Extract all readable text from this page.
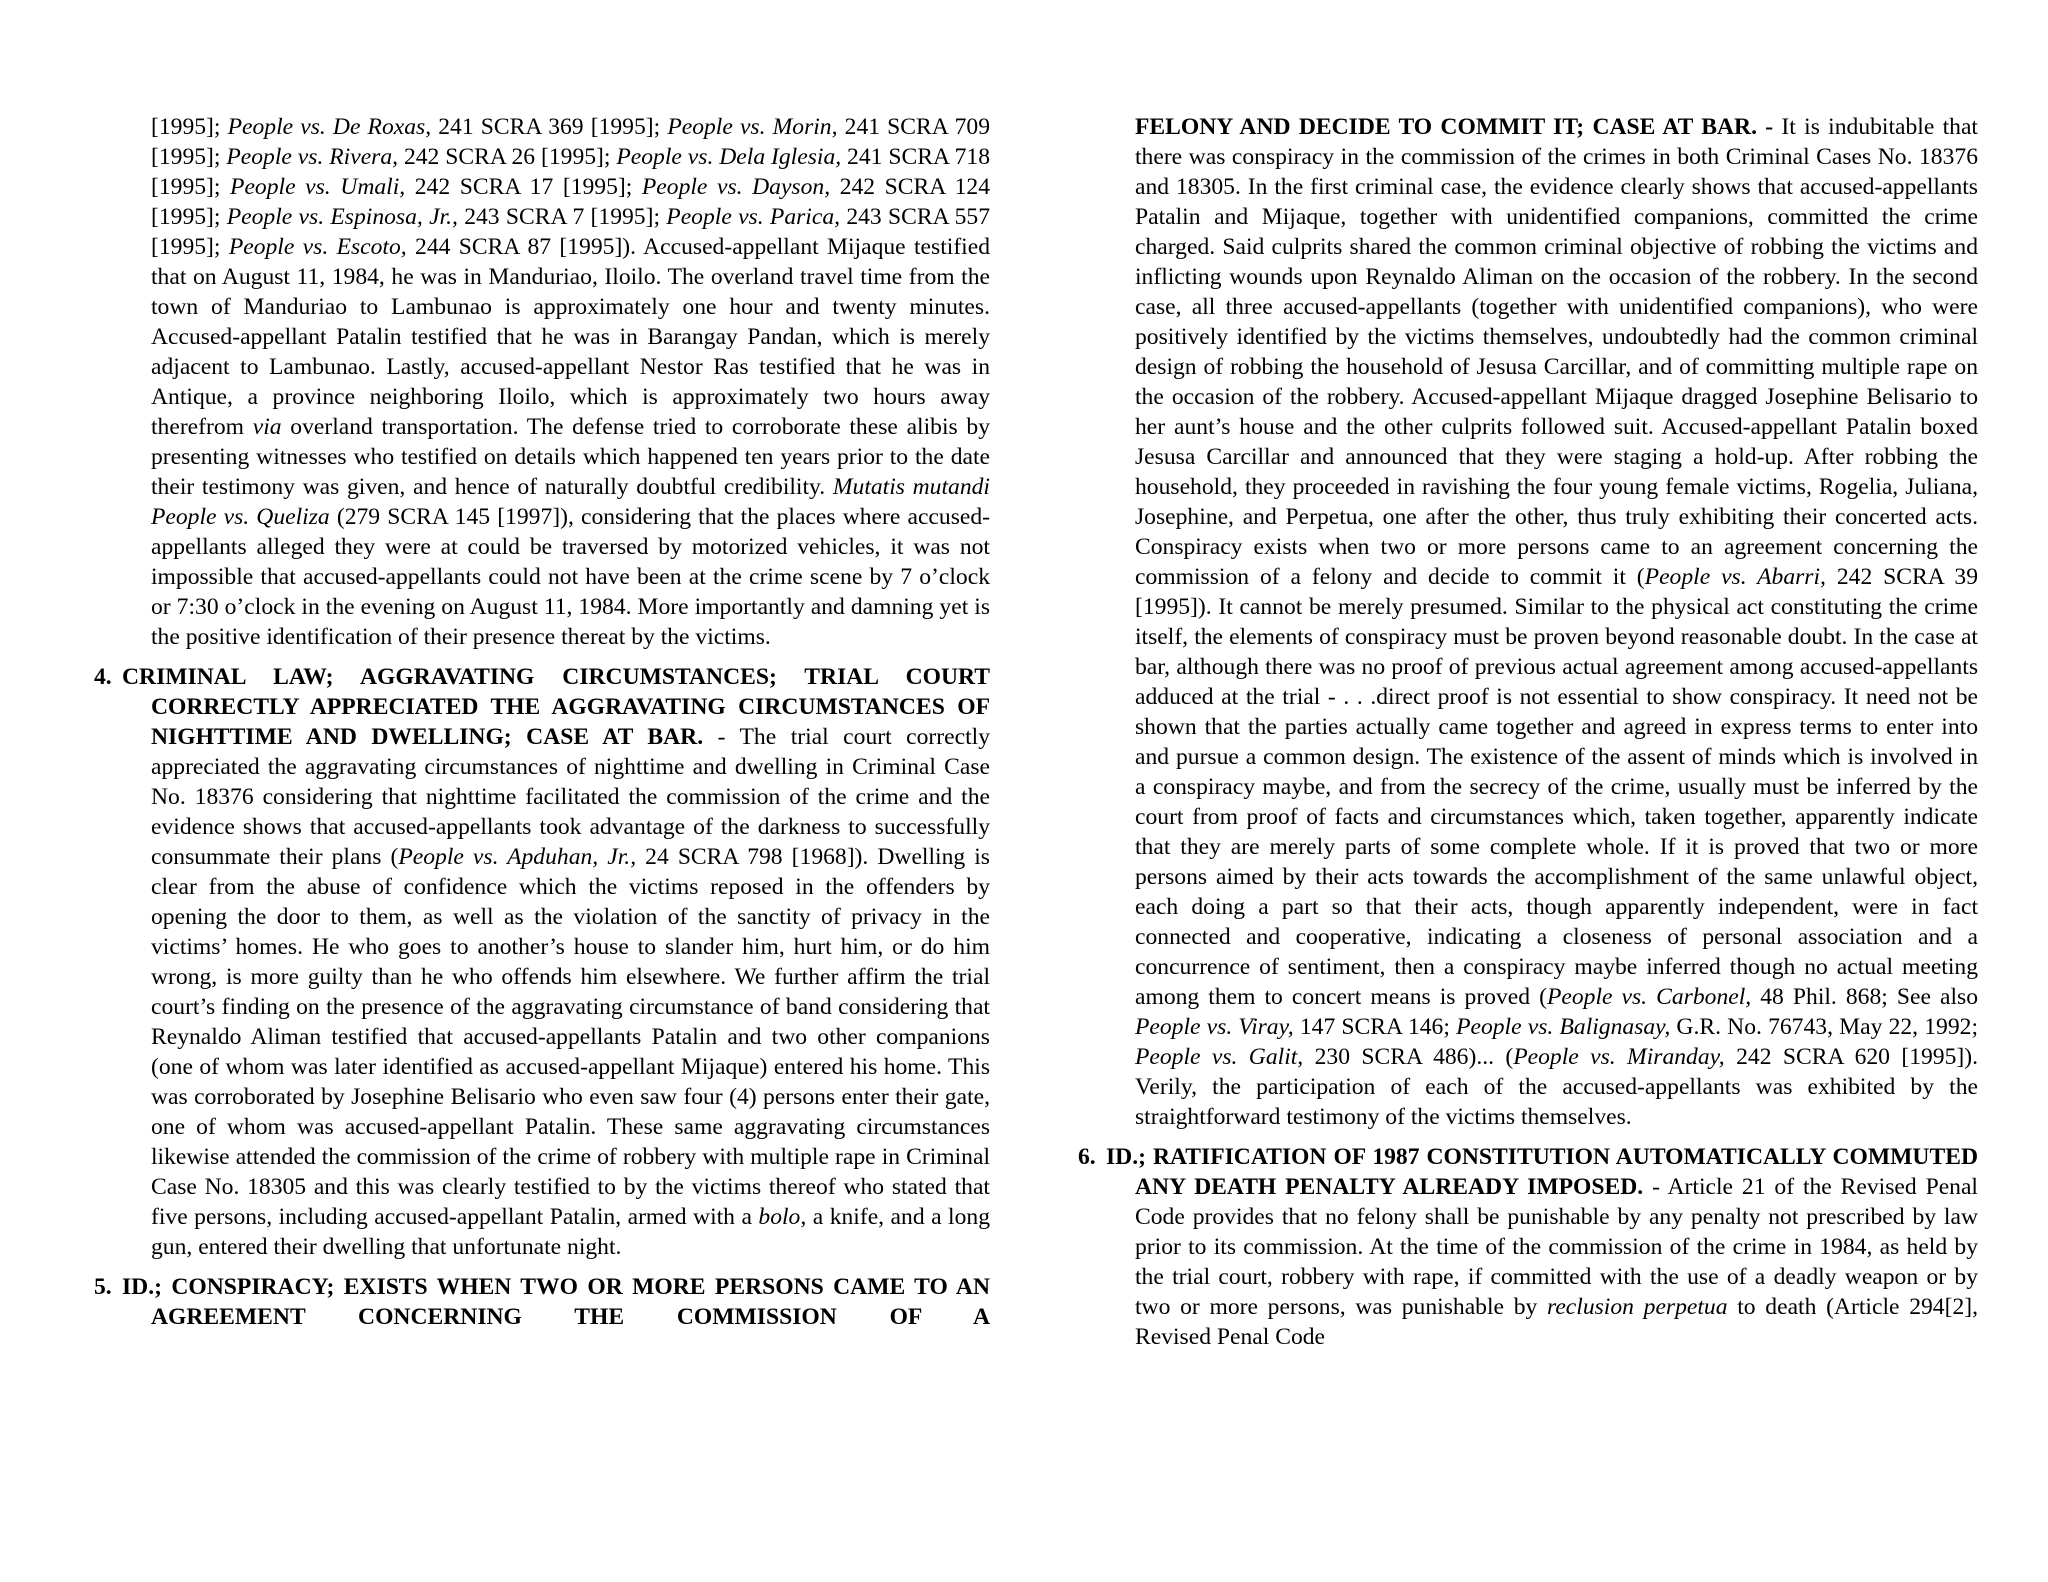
[1995]; People vs. De Roxas, 241 SCRA 369 [1995]; People vs. Morin, 241 SCRA 709 [1995]; People vs. Rivera, 242 SCRA 26 [1995]; People vs. Dela Iglesia, 241 SCRA 718 [1995]; People vs. Umali, 242 SCRA 17 [1995]; People vs. Dayson, 242 SCRA 124 [1995]; People vs. Espinosa, Jr., 243 SCRA 7 [1995]; People vs. Parica, 243 SCRA 557 [1995]; People vs. Escoto, 244 SCRA 87 [1995]). Accused-appellant Mijaque testified that on August 11, 1984, he was in Manduriao, Iloilo. The overland travel time from the town of Manduriao to Lambunao is approximately one hour and twenty minutes. Accused-appellant Patalin testified that he was in Barangay Pandan, which is merely adjacent to Lambunao. Lastly, accused-appellant Nestor Ras testified that he was in Antique, a province neighboring Iloilo, which is approximately two hours away therefrom via overland transportation. The defense tried to corroborate these alibis by presenting witnesses who testified on details which happened ten years prior to the date their testimony was given, and hence of naturally doubtful credibility. Mutatis mutandi People vs. Queliza (279 SCRA 145 [1997]), considering that the places where accused-appellants alleged they were at could be traversed by motorized vehicles, it was not impossible that accused-appellants could not have been at the crime scene by 7 o’clock or 7:30 o’clock in the evening on August 11, 1984. More importantly and damning yet is the positive identification of their presence thereat by the victims.
4. CRIMINAL LAW; AGGRAVATING CIRCUMSTANCES; TRIAL COURT CORRECTLY APPRECIATED THE AGGRAVATING CIRCUMSTANCES OF NIGHTTIME AND DWELLING; CASE AT BAR. - The trial court correctly appreciated the aggravating circumstances of nighttime and dwelling in Criminal Case No. 18376 considering that nighttime facilitated the commission of the crime and the evidence shows that accused-appellants took advantage of the darkness to successfully consummate their plans (People vs. Apduhan, Jr., 24 SCRA 798 [1968]). Dwelling is clear from the abuse of confidence which the victims reposed in the offenders by opening the door to them, as well as the violation of the sanctity of privacy in the victims’ homes. He who goes to another’s house to slander him, hurt him, or do him wrong, is more guilty than he who offends him elsewhere. We further affirm the trial court’s finding on the presence of the aggravating circumstance of band considering that Reynaldo Aliman testified that accused-appellants Patalin and two other companions (one of whom was later identified as accused-appellant Mijaque) entered his home. This was corroborated by Josephine Belisario who even saw four (4) persons enter their gate, one of whom was accused-appellant Patalin. These same aggravating circumstances likewise attended the commission of the crime of robbery with multiple rape in Criminal Case No. 18305 and this was clearly testified to by the victims thereof who stated that five persons, including accused-appellant Patalin, armed with a bolo, a knife, and a long gun, entered their dwelling that unfortunate night.
5. ID.; CONSPIRACY; EXISTS WHEN TWO OR MORE PERSONS CAME TO AN AGREEMENT CONCERNING THE COMMISSION OF A
FELONY AND DECIDE TO COMMIT IT; CASE AT BAR. - It is indubitable that there was conspiracy in the commission of the crimes in both Criminal Cases No. 18376 and 18305. In the first criminal case, the evidence clearly shows that accused-appellants Patalin and Mijaque, together with unidentified companions, committed the crime charged. Said culprits shared the common criminal objective of robbing the victims and inflicting wounds upon Reynaldo Aliman on the occasion of the robbery. In the second case, all three accused-appellants (together with unidentified companions), who were positively identified by the victims themselves, undoubtedly had the common criminal design of robbing the household of Jesusa Carcillar, and of committing multiple rape on the occasion of the robbery. Accused-appellant Mijaque dragged Josephine Belisario to her aunt’s house and the other culprits followed suit. Accused-appellant Patalin boxed Jesusa Carcillar and announced that they were staging a hold-up. After robbing the household, they proceeded in ravishing the four young female victims, Rogelia, Juliana, Josephine, and Perpetua, one after the other, thus truly exhibiting their concerted acts. Conspiracy exists when two or more persons came to an agreement concerning the commission of a felony and decide to commit it (People vs. Abarri, 242 SCRA 39 [1995]). It cannot be merely presumed. Similar to the physical act constituting the crime itself, the elements of conspiracy must be proven beyond reasonable doubt. In the case at bar, although there was no proof of previous actual agreement among accused-appellants adduced at the trial - . . .direct proof is not essential to show conspiracy. It need not be shown that the parties actually came together and agreed in express terms to enter into and pursue a common design. The existence of the assent of minds which is involved in a conspiracy maybe, and from the secrecy of the crime, usually must be inferred by the court from proof of facts and circumstances which, taken together, apparently indicate that they are merely parts of some complete whole. If it is proved that two or more persons aimed by their acts towards the accomplishment of the same unlawful object, each doing a part so that their acts, though apparently independent, were in fact connected and cooperative, indicating a closeness of personal association and a concurrence of sentiment, then a conspiracy maybe inferred though no actual meeting among them to concert means is proved (People vs. Carbonel, 48 Phil. 868; See also People vs. Viray, 147 SCRA 146; People vs. Balignasay, G.R. No. 76743, May 22, 1992; People vs. Galit, 230 SCRA 486)... (People vs. Miranday, 242 SCRA 620 [1995]). Verily, the participation of each of the accused-appellants was exhibited by the straightforward testimony of the victims themselves.
6. ID.; RATIFICATION OF 1987 CONSTITUTION AUTOMATICALLY COMMUTED ANY DEATH PENALTY ALREADY IMPOSED. - Article 21 of the Revised Penal Code provides that no felony shall be punishable by any penalty not prescribed by law prior to its commission. At the time of the commission of the crime in 1984, as held by the trial court, robbery with rape, if committed with the use of a deadly weapon or by two or more persons, was punishable by reclusion perpetua to death (Article 294[2], Revised Penal Code
